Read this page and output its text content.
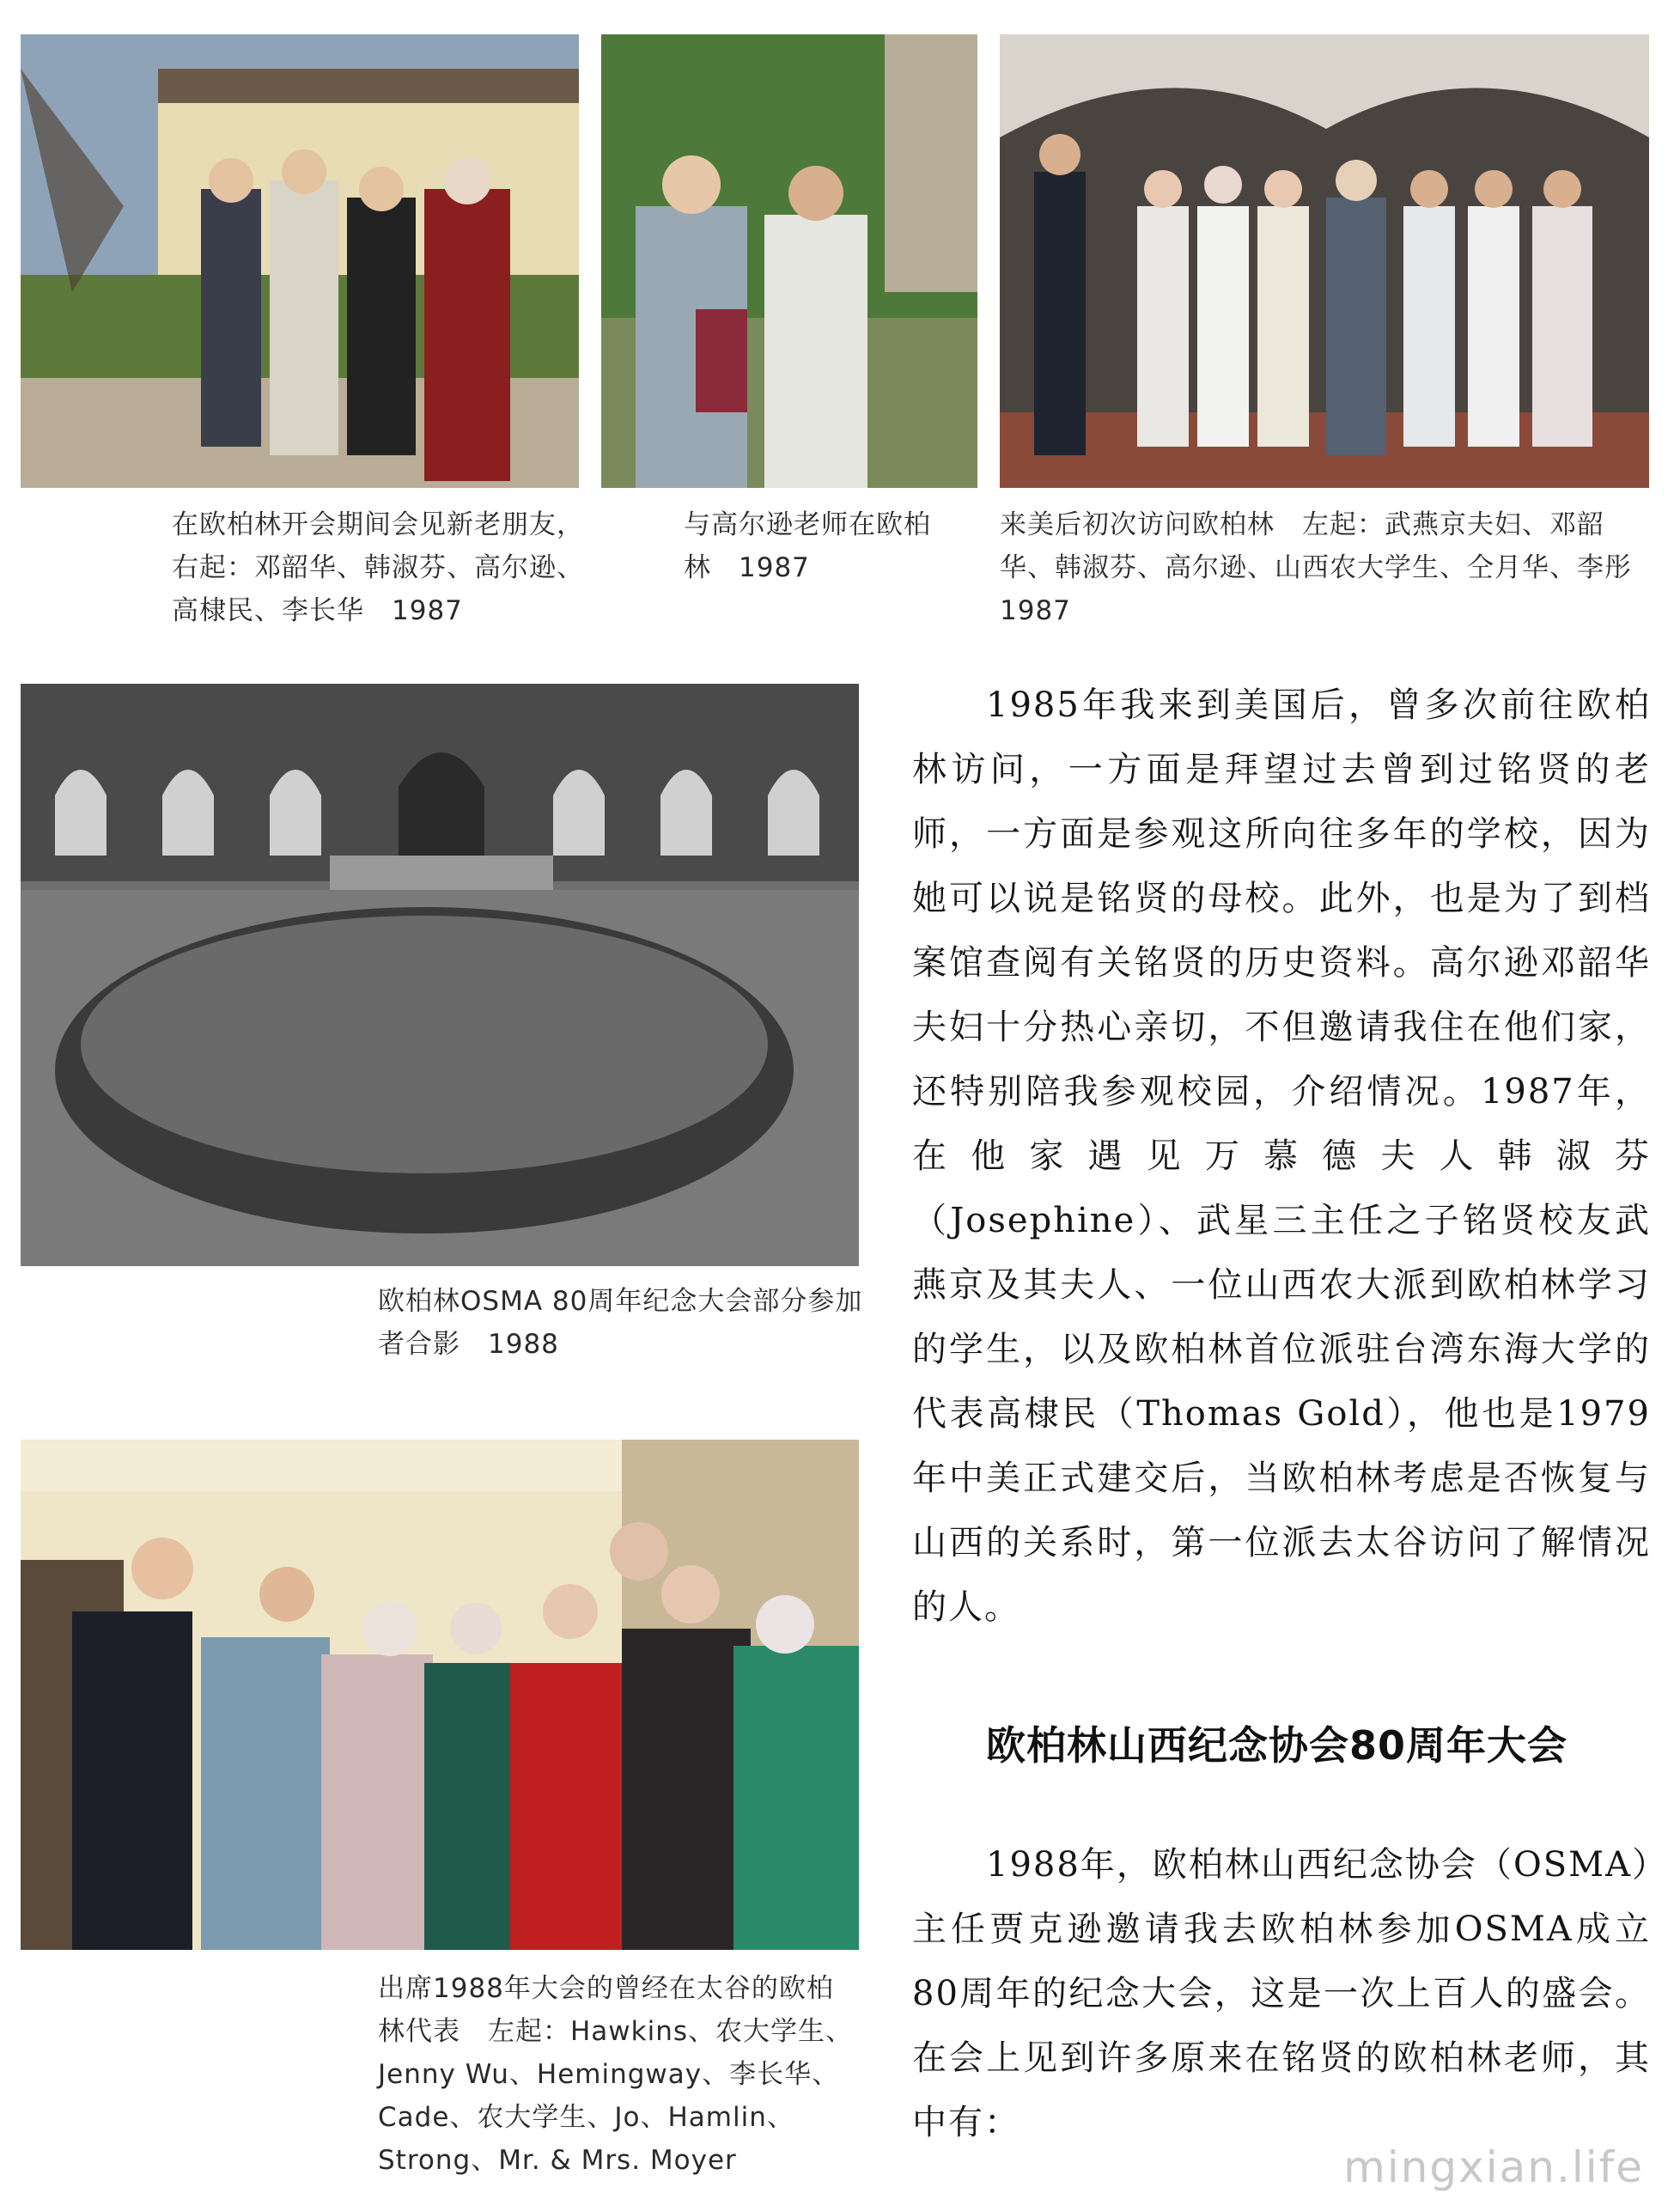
在欧柏林开会期间会见新老朋友，右起：邓韶华、韩淑芬、高尔逊、高棣民、李长华　1987
与高尔逊老师在欧柏林　1987
来美后初次访问欧柏林　左起：武燕京夫妇、邓韶华、韩淑芬、高尔逊、山西农大学生、仝月华、李彤　1987
欧柏林OSMA 80周年纪念大会部分参加者合影　1988
出席1988年大会的曾经在太谷的欧柏林代表　左起：Hawkins、农大学生、Jenny Wu、Hemingway、李长华、Cade、农大学生、Jo、Hamlin、Strong、Mr. & Mrs. Moyer

1985年我来到美国后，曾多次前往欧柏林访问，一方面是拜望过去曾到过铭贤的老师，一方面是参观这所向往多年的学校，因为她可以说是铭贤的母校。此外，也是为了到档案馆查阅有关铭贤的历史资料。高尔逊邓韶华夫妇十分热心亲切，不但邀请我住在他们家，还特别陪我参观校园，介绍情况。1987年，在他家遇见万慕德夫人韩淑芬（Josephine）、武星三主任之子铭贤校友武燕京及其夫人、一位山西农大派到欧柏林学习的学生，以及欧柏林首位派驻台湾东海大学的代表高棣民（Thomas Gold），他也是1979年中美正式建交后，当欧柏林考虑是否恢复与山西的关系时，第一位派去太谷访问了解情况的人。

欧柏林山西纪念协会80周年大会

1988年，欧柏林山西纪念协会（OSMA）主任贾克逊邀请我去欧柏林参加OSMA成立80周年的纪念大会，这是一次上百人的盛会。在会上见到许多原来在铭贤的欧柏林老师，其中有：

mingxian.life
